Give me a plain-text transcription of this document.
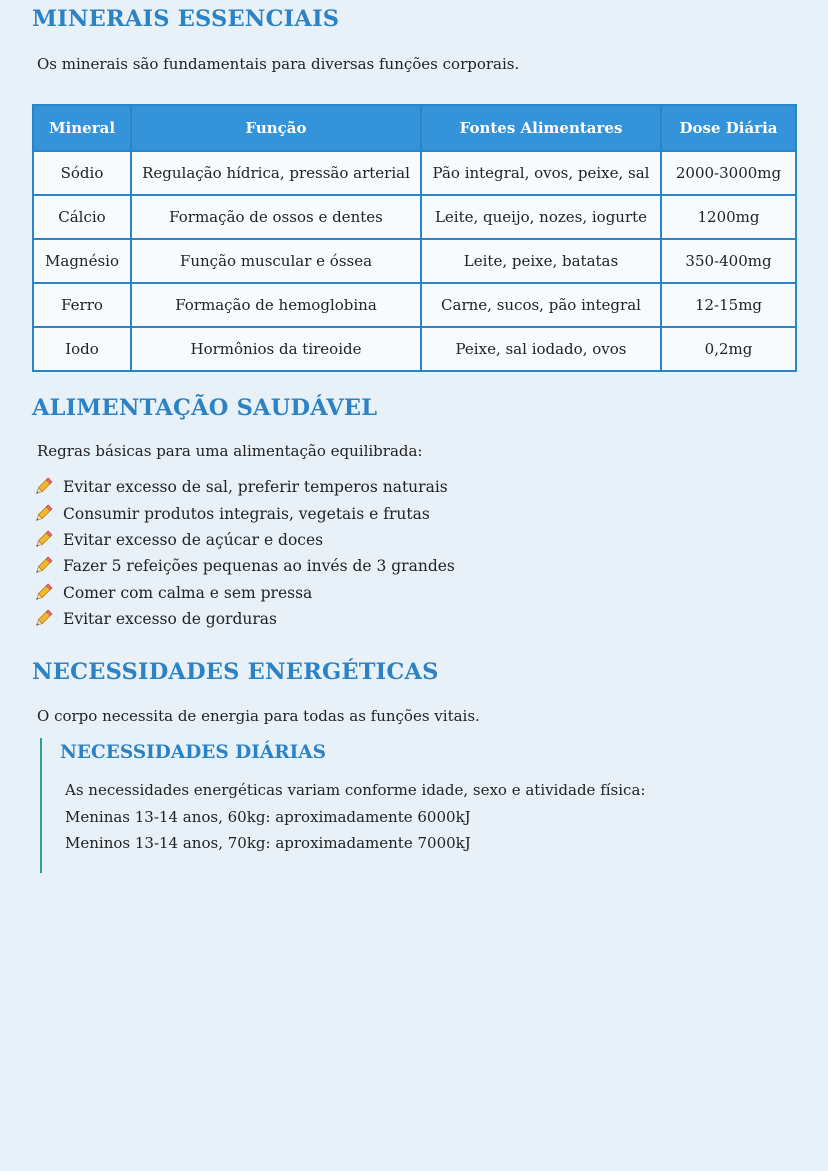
MINERAIS ESSENCIAIS

Os minerais são fundamentais para diversas funções corporais.

Mineral	Função	Fontes Alimentares	Dose Diária
Sódio	Regulação hídrica, pressão arterial	Pão integral, ovos, peixe, sal	2000-3000mg
Cálcio	Formação de ossos e dentes	Leite, queijo, nozes, iogurte	1200mg
Magnésio	Função muscular e óssea	Leite, peixe, batatas	350-400mg
Ferro	Formação de hemoglobina	Carne, sucos, pão integral	12-15mg
Iodo	Hormônios da tireoide	Peixe, sal iodado, ovos	0,2mg
ALIMENTAÇÃO SAUDÁVEL

Regras básicas para uma alimentação equilibrada:

Evitar excesso de sal, preferir temperos naturais
Consumir produtos integrais, vegetais e frutas
Evitar excesso de açúcar e doces
Fazer 5 refeições pequenas ao invés de 3 grandes
Comer com calma e sem pressa
Evitar excesso de gorduras
NECESSIDADES ENERGÉTICAS

O corpo necessita de energia para todas as funções vitais.

NECESSIDADES DIÁRIAS

As necessidades energéticas variam conforme idade, sexo e atividade física:

Meninas 13-14 anos, 60kg: aproximadamente 6000kJ

Meninos 13-14 anos, 70kg: aproximadamente 7000kJ
